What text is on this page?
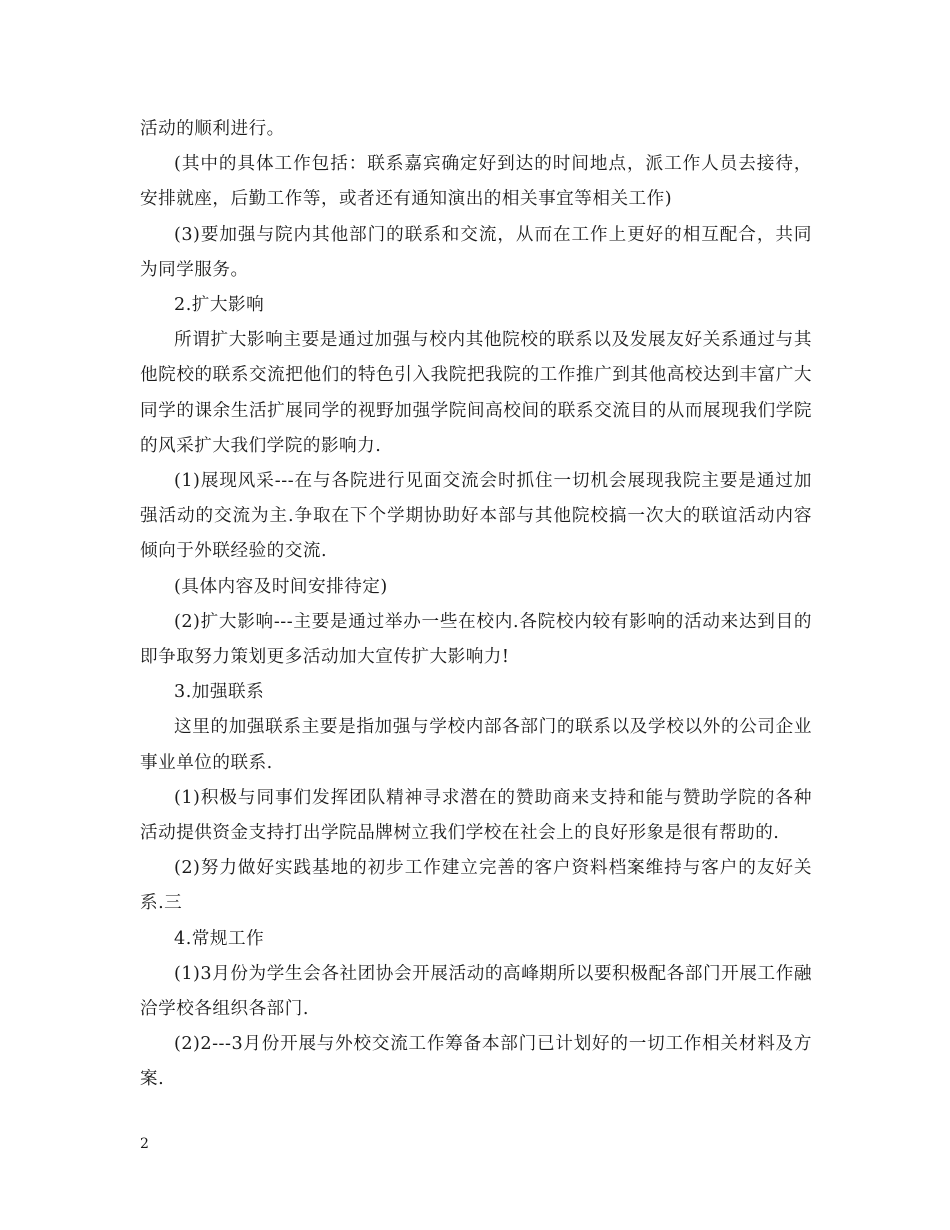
活动的顺利进行。

(其中的具体工作包括：联系嘉宾确定好到达的时间地点，派工作人员去接待，安排就座，后勤工作等，或者还有通知演出的相关事宜等相关工作)

(3)要加强与院内其他部门的联系和交流，从而在工作上更好的相互配合，共同为同学服务。

2.扩大影响

所谓扩大影响主要是通过加强与校内其他院校的联系以及发展友好关系通过与其他院校的联系交流把他们的特色引入我院把我院的工作推广到其他高校达到丰富广大同学的课余生活扩展同学的视野加强学院间高校间的联系交流目的从而展现我们学院的风采扩大我们学院的影响力.

(1)展现风采---在与各院进行见面交流会时抓住一切机会展现我院主要是通过加强活动的交流为主.争取在下个学期协助好本部与其他院校搞一次大的联谊活动内容倾向于外联经验的交流.

(具体内容及时间安排待定)

(2)扩大影响---主要是通过举办一些在校内.各院校内较有影响的活动来达到目的即争取努力策划更多活动加大宣传扩大影响力!

3.加强联系

这里的加强联系主要是指加强与学校内部各部门的联系以及学校以外的公司企业事业单位的联系.

(1)积极与同事们发挥团队精神寻求潜在的赞助商来支持和能与赞助学院的各种活动提供资金支持打出学院品牌树立我们学校在社会上的良好形象是很有帮助的.

(2)努力做好实践基地的初步工作建立完善的客户资料档案维持与客户的友好关系.三

4.常规工作

(1)3月份为学生会各社团协会开展活动的高峰期所以要积极配各部门开展工作融洽学校各组织各部门.

(2)2---3月份开展与外校交流工作筹备本部门已计划好的一切工作相关材料及方案.

2
